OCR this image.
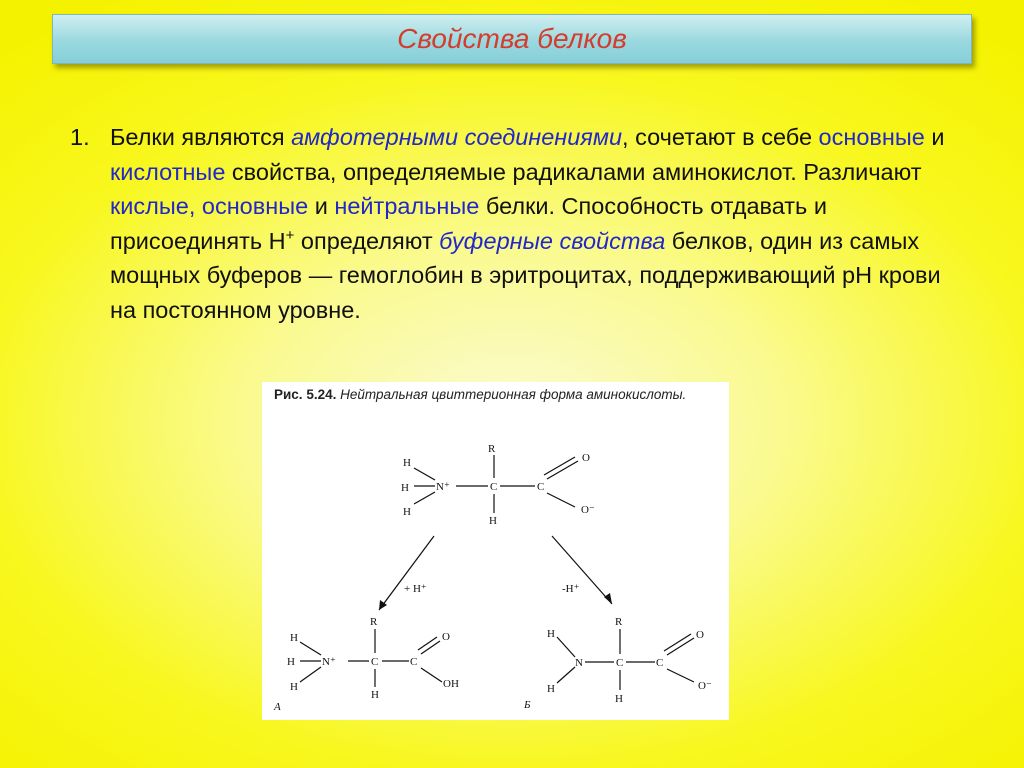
Свойства белков
1. Белки являются амфотерными соединениями, сочетают в себе основные и кислотные свойства, определяемые радикалами аминокислот. Различают кислые, основные и нейтральные белки. Способность отдавать и присоединять Н+ определяют буферные свойства белков, один из самых мощных буферов — гемоглобин в эритроцитах, поддерживающий рН крови на постоянном уровне.
Рис. 5.24. Нейтральная цвиттерионная форма аминокислоты.
H
H
H
N⁺
R
C
H
C
O
O⁻
+ H⁺	-H⁺
H
H
H
N⁺
R
C
H
C
O
OH
А
H
H
N
R
C
H
C
O
O⁻
Б
